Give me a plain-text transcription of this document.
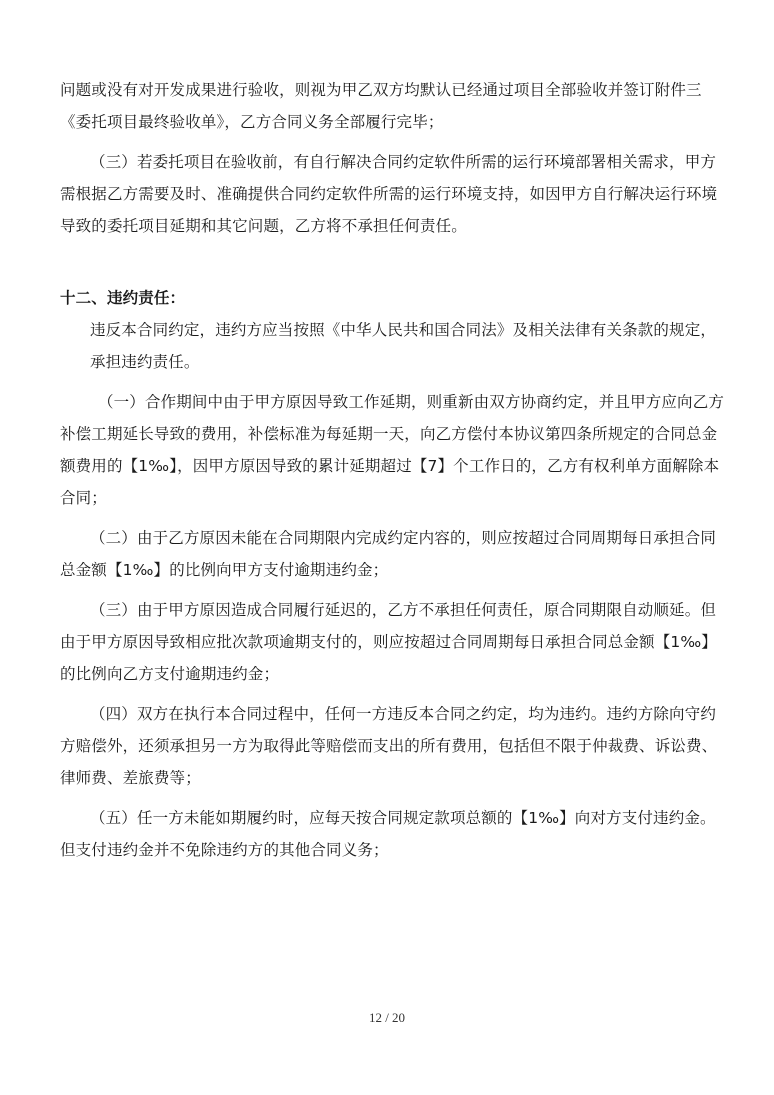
问题或没有对开发成果进行验收，则视为甲乙双方均默认已经通过项目全部验收并签订附件三
《委托项目最终验收单》，乙方合同义务全部履行完毕；
（三）若委托项目在验收前，有自行解决合同约定软件所需的运行环境部署相关需求，甲方
需根据乙方需要及时、准确提供合同约定软件所需的运行环境支持，如因甲方自行解决运行环境
导致的委托项目延期和其它问题，乙方将不承担任何责任。
十二、违约责任：
违反本合同约定，违约方应当按照《中华人民共和国合同法》及相关法律有关条款的规定，
承担违约责任。
（一）合作期间中由于甲方原因导致工作延期，则重新由双方协商约定，并且甲方应向乙方
补偿工期延长导致的费用，补偿标准为每延期一天，向乙方偿付本协议第四条所规定的合同总金
额费用的【1‰】，因甲方原因导致的累计延期超过【7】个工作日的，乙方有权利单方面解除本
合同；
（二）由于乙方原因未能在合同期限内完成约定内容的，则应按超过合同周期每日承担合同
总金额【1‰】的比例向甲方支付逾期违约金；
（三）由于甲方原因造成合同履行延迟的，乙方不承担任何责任，原合同期限自动顺延。但
由于甲方原因导致相应批次款项逾期支付的，则应按超过合同周期每日承担合同总金额【1‰】
的比例向乙方支付逾期违约金；
（四）双方在执行本合同过程中，任何一方违反本合同之约定，均为违约。违约方除向守约
方赔偿外，还须承担另一方为取得此等赔偿而支出的所有费用，包括但不限于仲裁费、诉讼费、
律师费、差旅费等；
（五）任一方未能如期履约时，应每天按合同规定款项总额的【1‰】向对方支付违约金。
但支付违约金并不免除违约方的其他合同义务；
12 / 20
